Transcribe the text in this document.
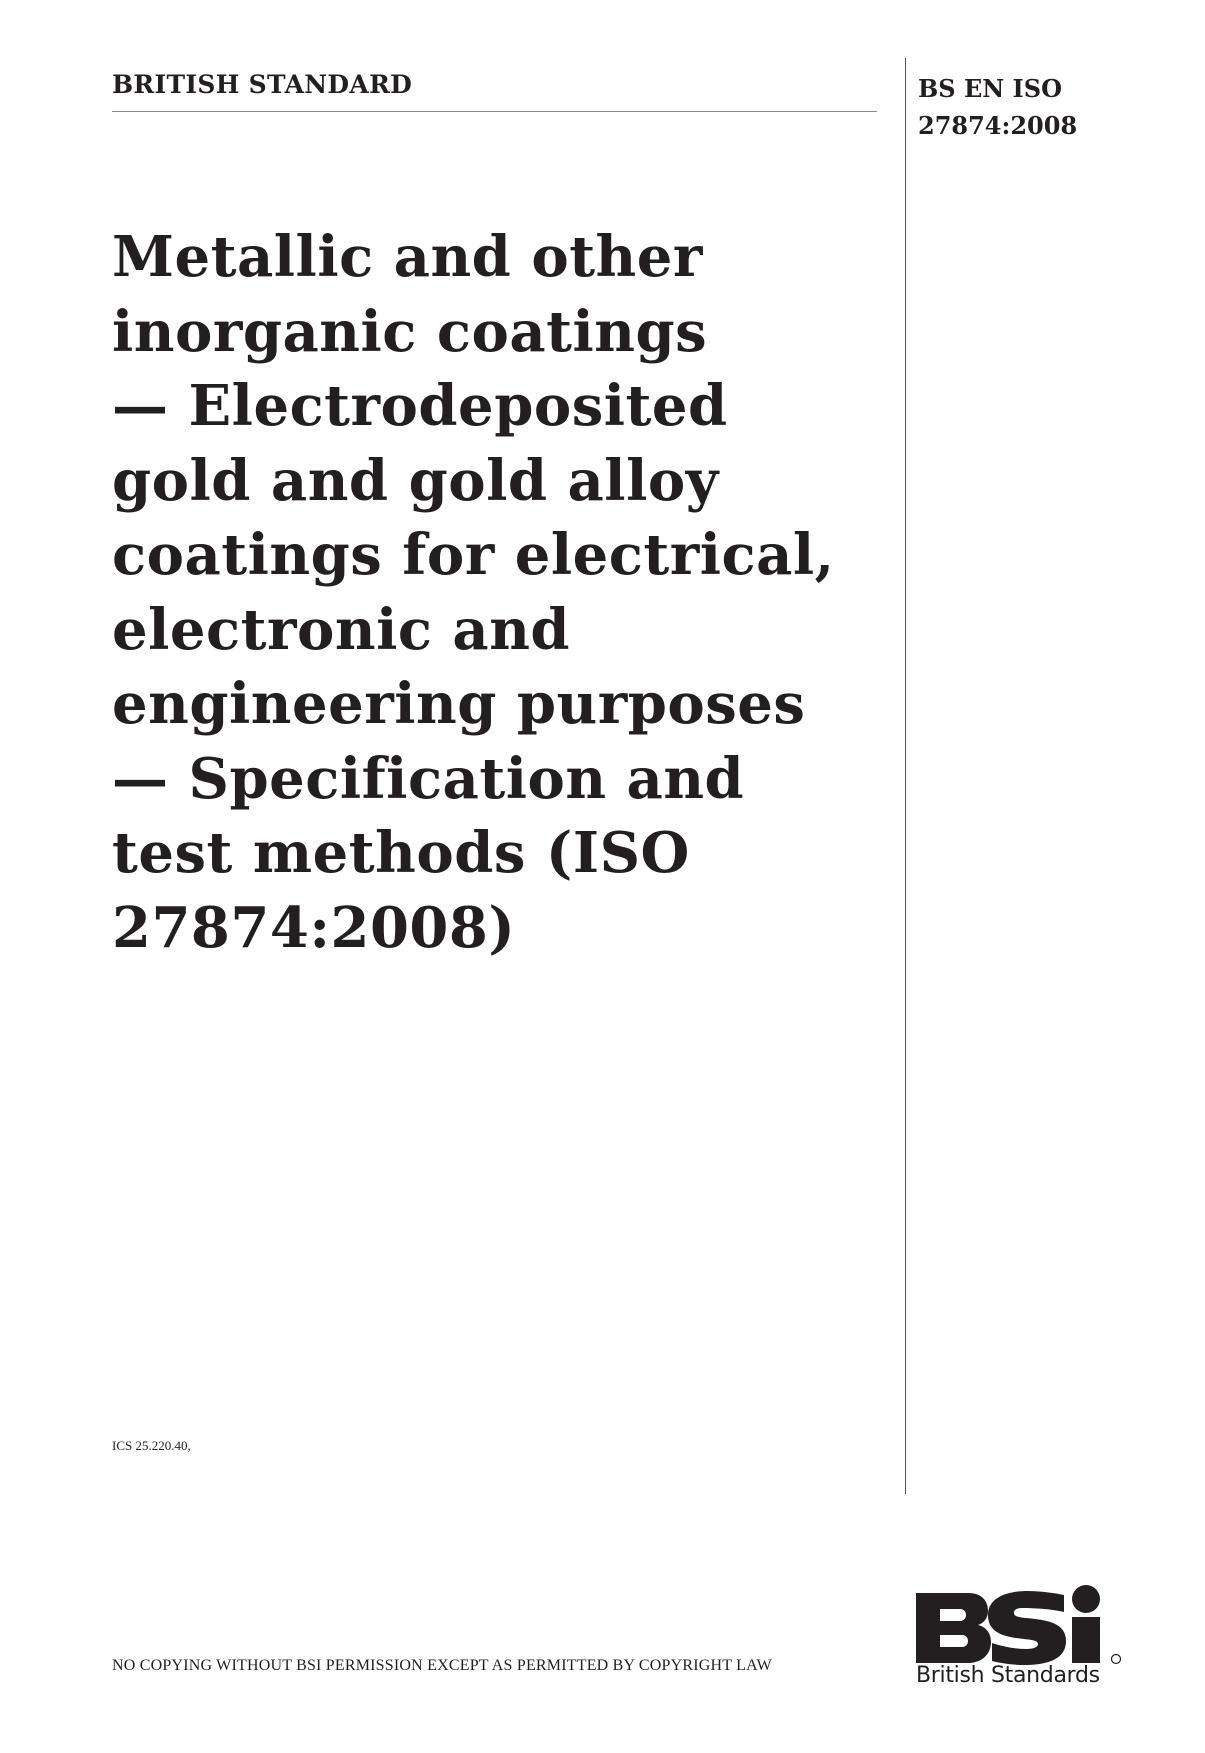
BRITISH STANDARD	BS EN ISO
27874:2008
Metallic and other
inorganic coatings
— Electrodeposited
gold and gold alloy
coatings for electrical,
electronic and
engineering purposes
— Specification and
test methods (ISO
27874:2008)
ICS 25.220.40,
NO COPYING WITHOUT BSI PERMISSION EXCEPT AS PERMITTED BY COPYRIGHT LAW	British Standards
